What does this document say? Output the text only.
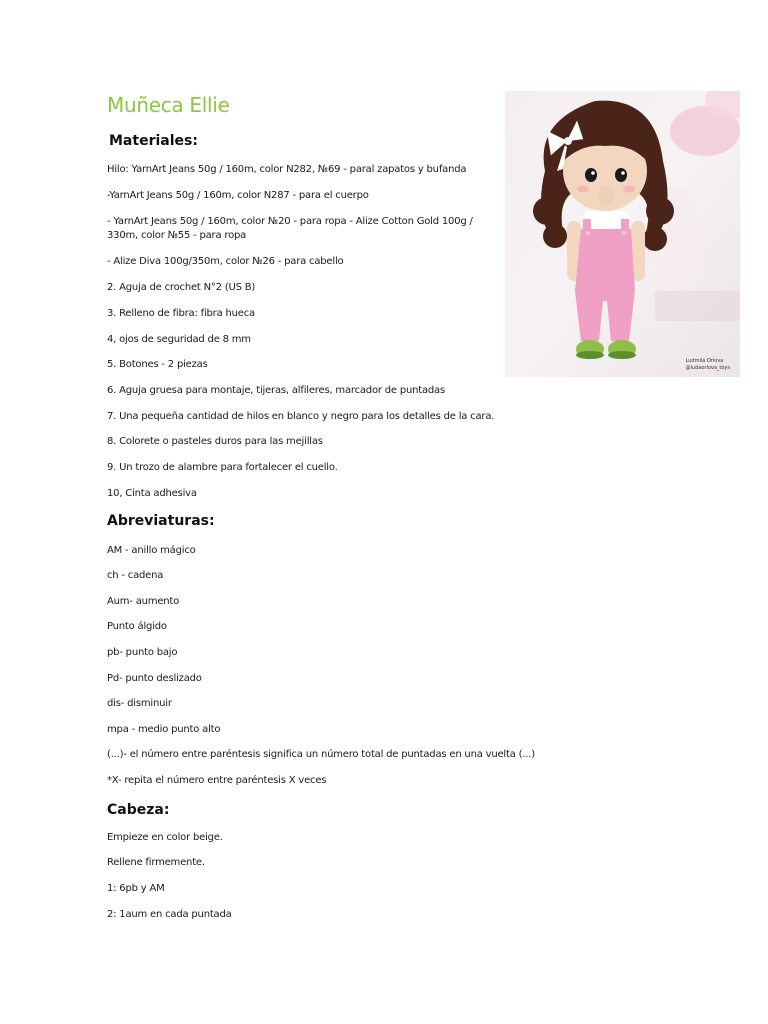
Muñeca Ellie
Materiales:
Hilo: YarnArt Jeans 50g / 160m, color N282, №69 - paral zapatos y bufanda
-YarnArt Jeans 50g / 160m, color N287 - para el cuerpo
- YarnArt Jeans 50g / 160m, color №20 - para ropa - Alize Cotton Gold 100g / 330m, color №55 - para ropa
- Alize Diva 100g/350m, color №26 - para cabello
2. Aguja de crochet N°2 (US B)
3. Relleno de fibra: fibra hueca
4, ojos de seguridad de 8 mm
5. Botones - 2 piezas
6. Aguja gruesa para montaje, tijeras, alfileres, marcador de puntadas
7. Una pequeña cantidad de hilos en blanco y negro para los detalles de la cara.
8. Colorete o pasteles duros para las mejillas
9. Un trozo de alambre para fortalecer el cuello.
10, Cinta adhesiva
Abreviaturas:
AM - anillo mágico
ch - cadena
Aum- aumento
Punto álgido
pb- punto bajo
Pd- punto deslizado
dis- disminuir
mpa - medio punto alto
(...)- el número entre paréntesis significa un número total de puntadas en una vuelta (...)
*X- repita el número entre paréntesis X veces
Cabeza:
Empieze en color beige.
Rellene firmemente.
1: 6pb y AM
2: 1aum en cada puntada
Ludmila Orlova
@ludaorlova_toys
